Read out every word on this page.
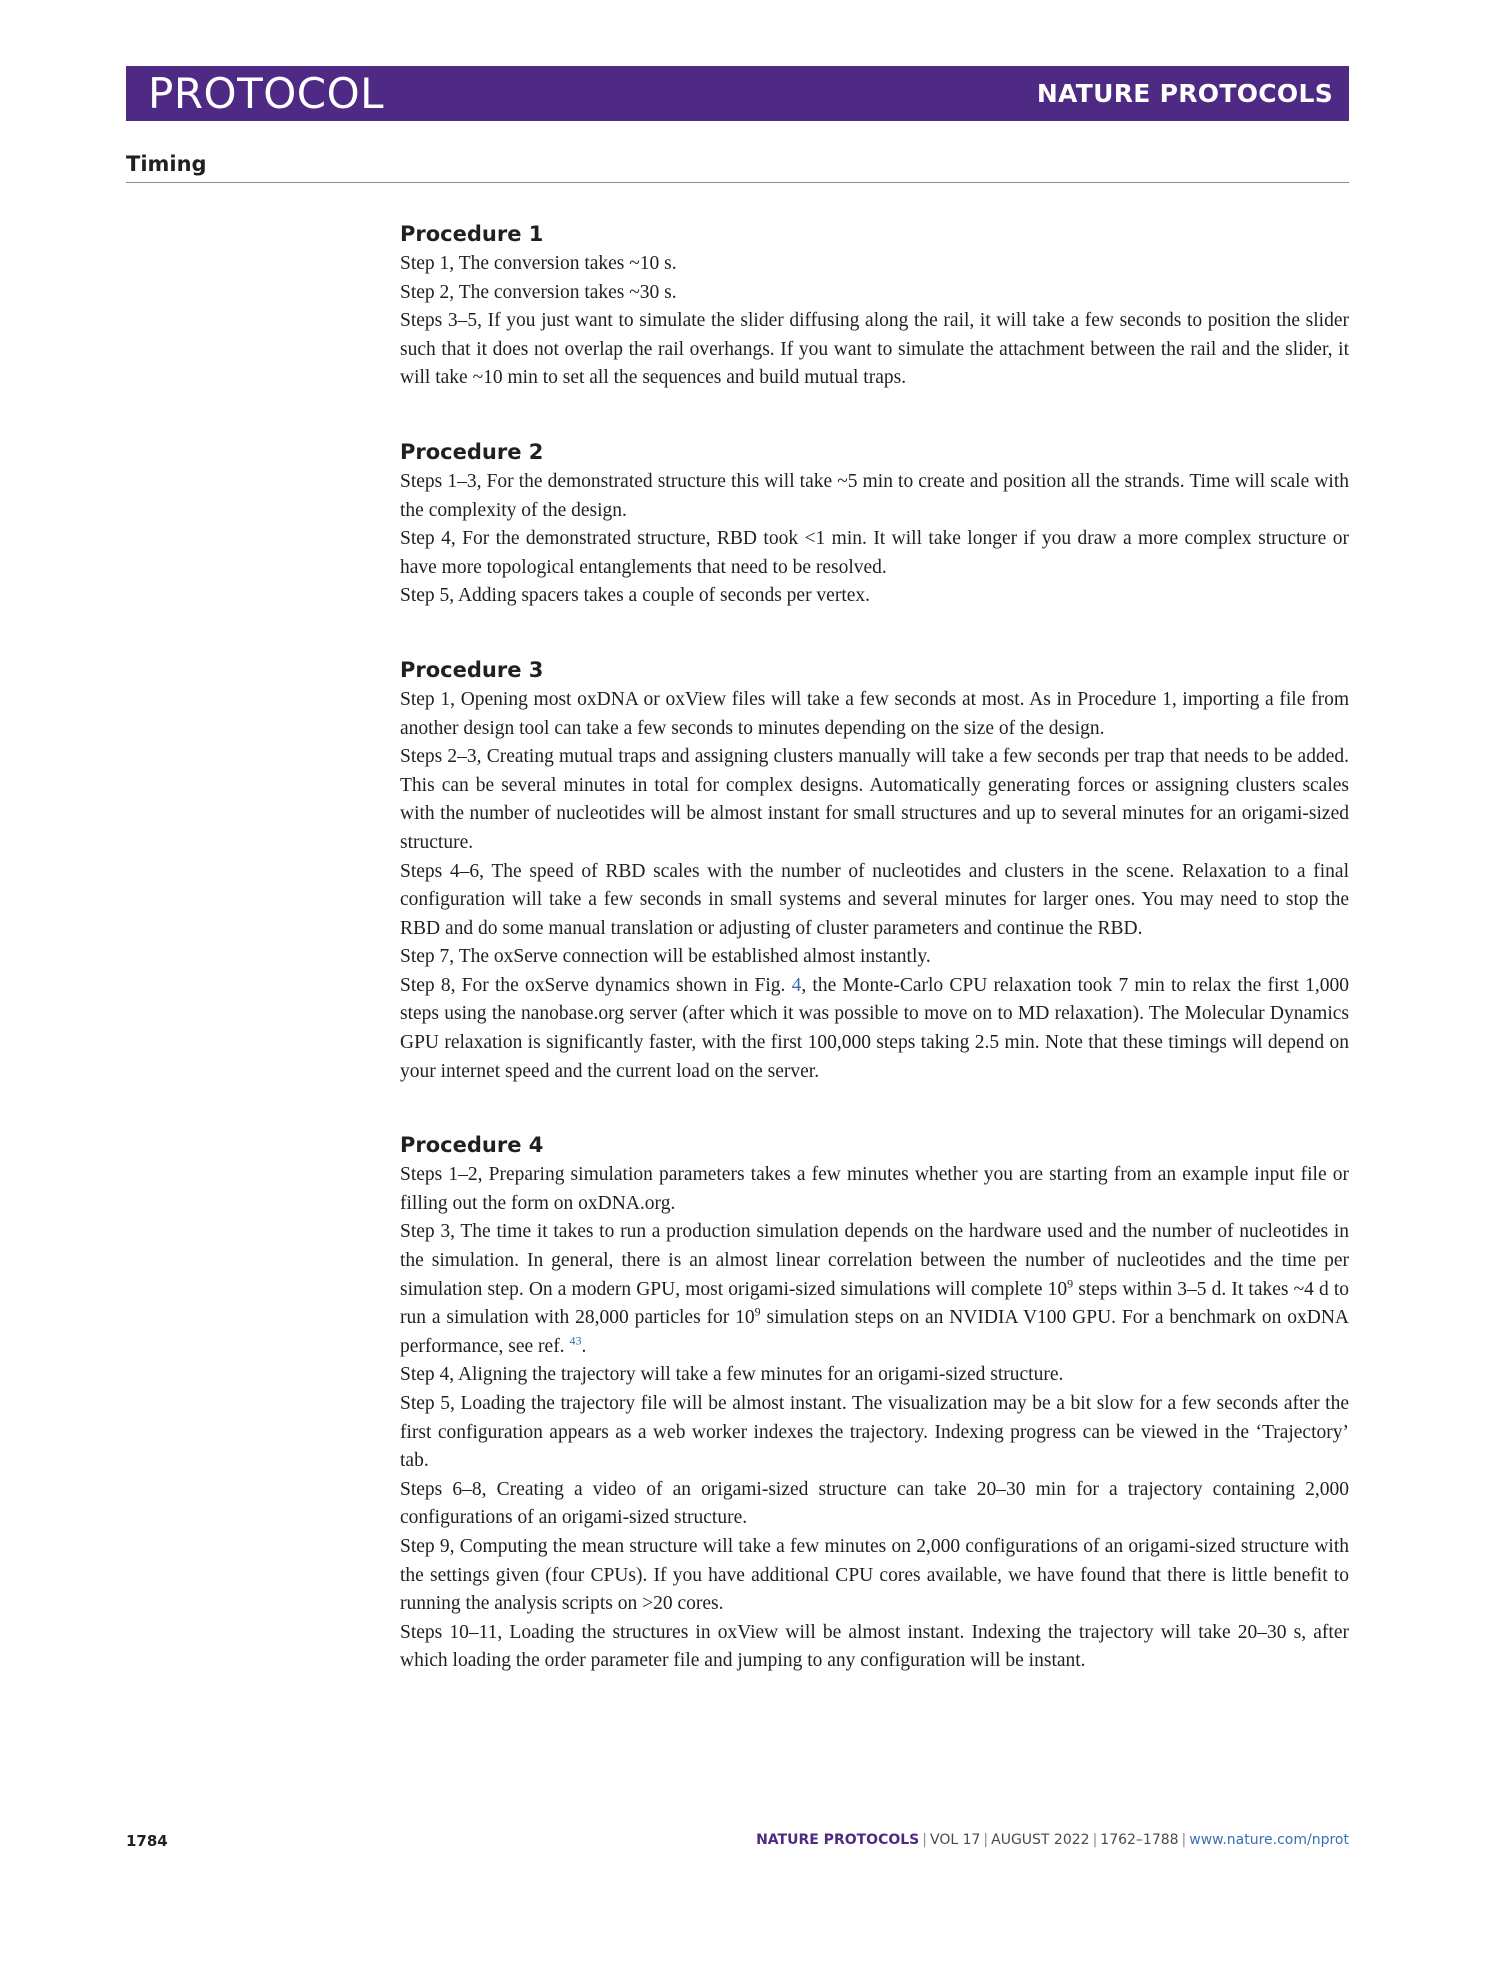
PROTOCOL	NATURE PROTOCOLS
Timing
Procedure 1

Step 1, The conversion takes ~10 s.

Step 2, The conversion takes ~30 s.

Steps 3–5, If you just want to simulate the slider diffusing along the rail, it will take a few seconds to position the slider such that it does not overlap the rail overhangs. If you want to simulate the attachment between the rail and the slider, it will take ~10 min to set all the sequences and build mutual traps.

Procedure 2

Steps 1–3, For the demonstrated structure this will take ~5 min to create and position all the strands. Time will scale with the complexity of the design.

Step 4, For the demonstrated structure, RBD took <1 min. It will take longer if you draw a more complex structure or have more topological entanglements that need to be resolved.

Step 5, Adding spacers takes a couple of seconds per vertex.

Procedure 3

Step 1, Opening most oxDNA or oxView files will take a few seconds at most. As in Procedure 1, importing a file from another design tool can take a few seconds to minutes depending on the size of the design.

Steps 2–3, Creating mutual traps and assigning clusters manually will take a few seconds per trap that needs to be added. This can be several minutes in total for complex designs. Automatically generating forces or assigning clusters scales with the number of nucleotides will be almost instant for small structures and up to several minutes for an origami-sized structure.

Steps 4–6, The speed of RBD scales with the number of nucleotides and clusters in the scene. Relaxation to a final configuration will take a few seconds in small systems and several minutes for larger ones. You may need to stop the RBD and do some manual translation or adjusting of cluster parameters and continue the RBD.

Step 7, The oxServe connection will be established almost instantly.

Step 8, For the oxServe dynamics shown in Fig. 4, the Monte-Carlo CPU relaxation took 7 min to relax the first 1,000 steps using the nanobase.org server (after which it was possible to move on to MD relaxation). The Molecular Dynamics GPU relaxation is significantly faster, with the first 100,000 steps taking 2.5 min. Note that these timings will depend on your internet speed and the current load on the server.

Procedure 4

Steps 1–2, Preparing simulation parameters takes a few minutes whether you are starting from an example input file or filling out the form on oxDNA.org.

Step 3, The time it takes to run a production simulation depends on the hardware used and the number of nucleotides in the simulation. In general, there is an almost linear correlation between the number of nucleotides and the time per simulation step. On a modern GPU, most origami-sized simulations will complete $10^9$ steps within 3–5 d. It takes ~4 d to run a simulation with 28,000 particles for $10^9$ simulation steps on an NVIDIA V100 GPU. For a benchmark on oxDNA performance, see ref. $^{43}$.

Step 4, Aligning the trajectory will take a few minutes for an origami-sized structure.

Step 5, Loading the trajectory file will be almost instant. The visualization may be a bit slow for a few seconds after the first configuration appears as a web worker indexes the trajectory. Indexing progress can be viewed in the ‘Trajectory’ tab.

Steps 6–8, Creating a video of an origami-sized structure can take 20–30 min for a trajectory containing 2,000 configurations of an origami-sized structure.

Step 9, Computing the mean structure will take a few minutes on 2,000 configurations of an origami-sized structure with the settings given (four CPUs). If you have additional CPU cores available, we have found that there is little benefit to running the analysis scripts on >20 cores.

Steps 10–11, Loading the structures in oxView will be almost instant. Indexing the trajectory will take 20–30 s, after which loading the order parameter file and jumping to any configuration will be instant.

1784	NATURE PROTOCOLS | VOL 17 | AUGUST 2022 | 1762–1788 | www.nature.com/nprot
